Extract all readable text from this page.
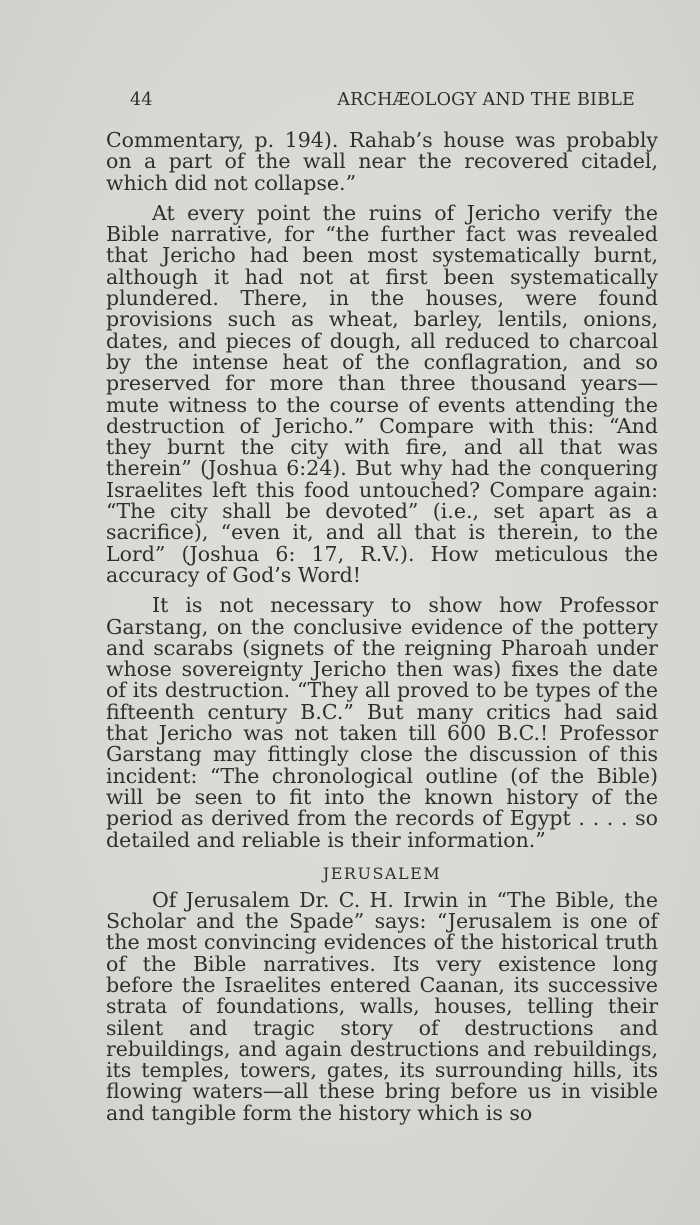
44	ARCHÆOLOGY AND THE BIBLE

Commentary, p. 194). Rahab’s house was probably on a part of the wall near the recovered citadel, which did not collapse.”

At every point the ruins of Jericho verify the Bible narrative, for “the further fact was revealed that Jericho had been most systematically burnt, although it had not at first been systematically plundered. There, in the houses, were found provisions such as wheat, barley, lentils, onions, dates, and pieces of dough, all reduced to charcoal by the intense heat of the conflagration, and so preserved for more than three thousand years—mute witness to the course of events attending the destruction of Jericho.” Compare with this: “And they burnt the city with fire, and all that was therein” (Joshua 6:24). But why had the conquering Israelites left this food untouched? Compare again: “The city shall be devoted” (i.e., set apart as a sacrifice), “even it, and all that is therein, to the Lord” (Joshua 6: 17, R.V.). How meticulous the accuracy of God’s Word!

It is not necessary to show how Professor Garstang, on the conclusive evidence of the pottery and scarabs (signets of the reigning Pharoah under whose sovereignty Jericho then was) fixes the date of its destruction. “They all proved to be types of the fifteenth century B.C.” But many critics had said that Jericho was not taken till 600 B.C.! Professor Garstang may fittingly close the discussion of this incident: “The chronological outline (of the Bible) will be seen to fit into the known history of the period as derived from the records of Egypt . . . . so detailed and reliable is their information.”

JERUSALEM

Of Jerusalem Dr. C. H. Irwin in “The Bible, the Scholar and the Spade” says: “Jerusalem is one of the most convincing evidences of the historical truth of the Bible narratives. Its very existence long before the Israelites entered Caanan, its successive strata of foundations, walls, houses, telling their silent and tragic story of destructions and rebuildings, and again destructions and rebuildings, its temples, towers, gates, its surrounding hills, its flowing waters—all these bring before us in visible and tangible form the history which is so
